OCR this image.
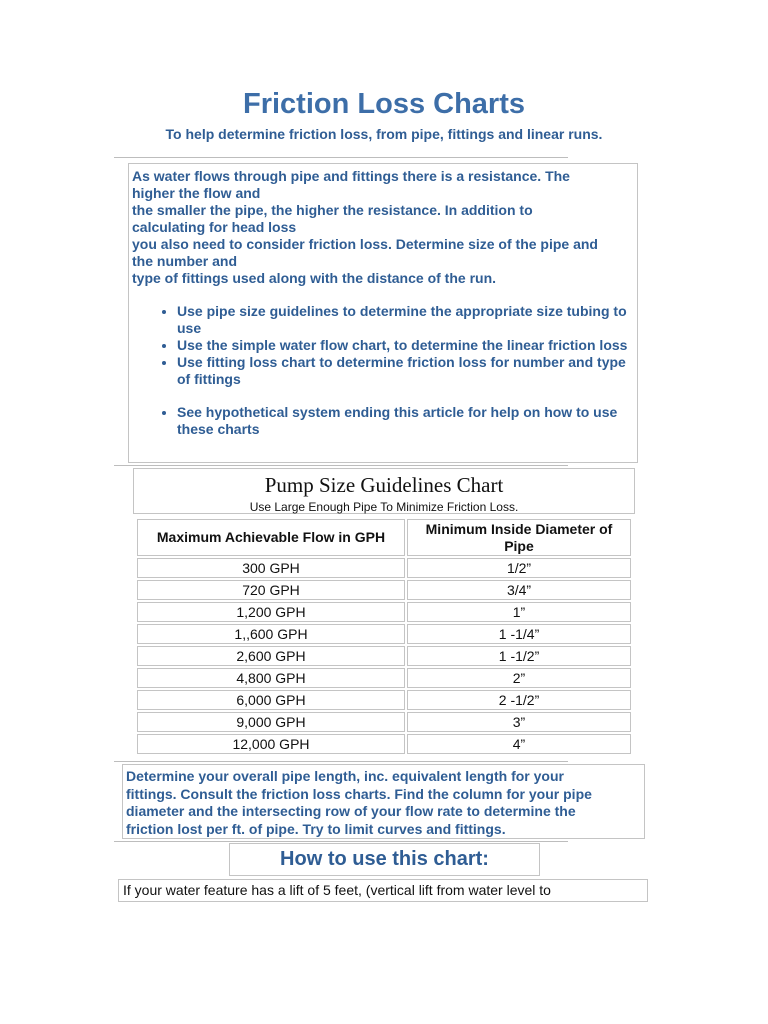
Friction Loss Charts
To help determine friction loss, from pipe, fittings and linear runs.

As water flows through pipe and fittings there is a resistance. The

higher the flow and

the smaller the pipe, the higher the resistance. In addition to

calculating for head loss

you also need to consider friction loss. Determine size of the pipe and

the number and

type of fittings used along with the distance of the run.

• Use pipe size guidelines to determine the appropriate size tubing to use
• Use the simple water flow chart, to determine the linear friction loss
• Use fitting loss chart to determine friction loss for number and type of fittings
• See hypothetical system ending this article for help on how to use these charts
Pump Size Guidelines Chart
Use Large Enough Pipe To Minimize Friction Loss.
Maximum Achievable Flow in GPH	Minimum Inside Diameter of Pipe
300 GPH	1/2”
720 GPH	3/4”
1,200 GPH	1”
1,,600 GPH	1 -1/4”
2,600 GPH	1 -1/2”
4,800 GPH	2”
6,000 GPH	2 -1/2”
9,000 GPH	3”
12,000 GPH	4”
Determine your overall pipe length, inc. equivalent length for your
fittings. Consult the friction loss charts. Find the column for your pipe
diameter and the intersecting row of your flow rate to determine the
friction lost per ft. of pipe. Try to limit curves and fittings.
How to use this chart:
If your water feature has a lift of 5 feet, (vertical lift from water level to
